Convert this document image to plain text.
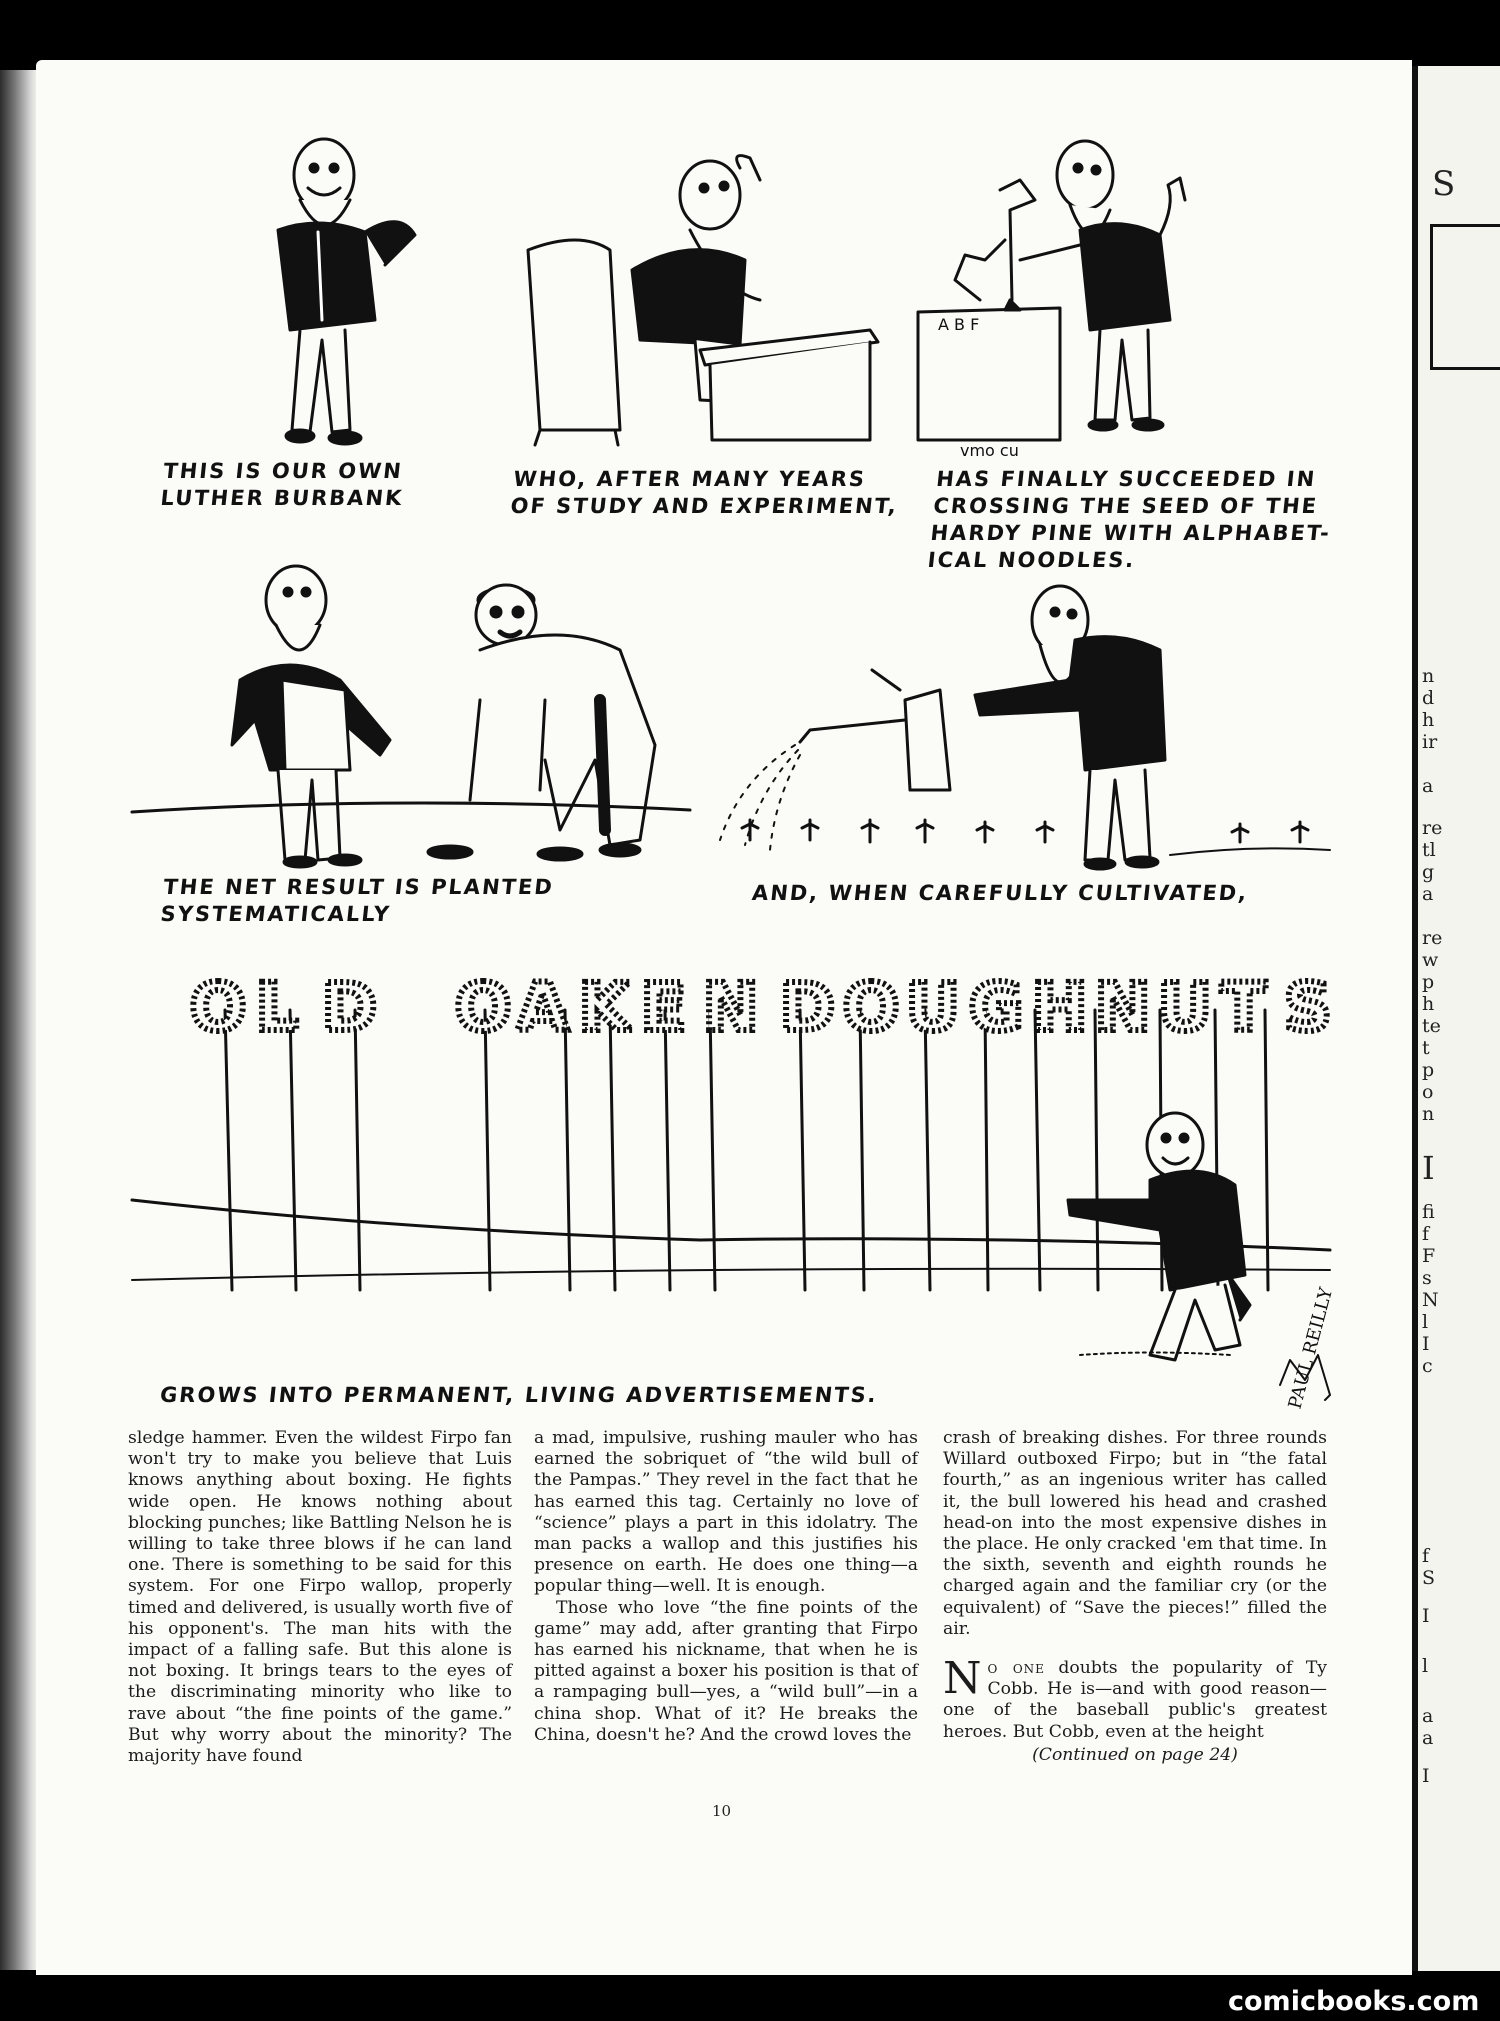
S
n
d
h
ir
a
re
tl
g
a
re
w
p
h
te
t
p
o
n
I
fi
f
F
s
N
l
I
c
f
S
I
l
a
a
I
O L D O A K E N D O U G H N U T S
PAUL REILLY
A B F
vmo cu
THIS IS OUR OWN
LUTHER BURBANK
WHO, AFTER MANY YEARS
OF STUDY AND EXPERIMENT,
HAS FINALLY SUCCEEDED IN
CROSSING THE SEED OF THE
HARDY PINE WITH ALPHABET-
ICAL NOODLES.
THE NET RESULT IS PLANTED
SYSTEMATICALLY
AND, WHEN CAREFULLY CULTIVATED,
GROWS INTO PERMANENT, LIVING ADVERTISEMENTS.

sledge hammer. Even the wildest Firpo fan won't try to make you believe that Luis knows anything about boxing. He fights wide open. He knows nothing about blocking punches; like Battling Nelson he is willing to take three blows if he can land one. There is something to be said for this system. For one Firpo wallop, properly timed and delivered, is usually worth five of his opponent's. The man hits with the impact of a falling safe. But this alone is not boxing. It brings tears to the eyes of the discriminating minority who like to rave about “the fine points of the game.” But why worry about the minority? The majority have found

a mad, impulsive, rushing mauler who has earned the sobriquet of “the wild bull of the Pampas.” They revel in the fact that he has earned this tag. Certainly no love of “science” plays a part in this idolatry. The man packs a wallop and this justifies his presence on earth. He does one thing—a popular thing—well. It is enough.

Those who love “the fine points of the game” may add, after granting that Firpo has earned his nickname, that when he is pitted against a boxer his position is that of a rampaging bull—yes, a “wild bull”—in a china shop. What of it? He breaks the China, doesn't he? And the crowd loves the

crash of breaking dishes. For three rounds Willard outboxed Firpo; but in “the fatal fourth,” as an ingenious writer has called it, the bull lowered his head and crashed head-on into the most expensive dishes in the place. He only cracked 'em that time. In the sixth, seventh and eighth rounds he charged again and the familiar cry (or the equivalent) of “Save the pieces!” filled the air.

No one doubts the popularity of Ty Cobb. He is—and with good reason—one of the baseball public's greatest heroes. But Cobb, even at the height

(Continued on page 24)
10
comicbooks.com
